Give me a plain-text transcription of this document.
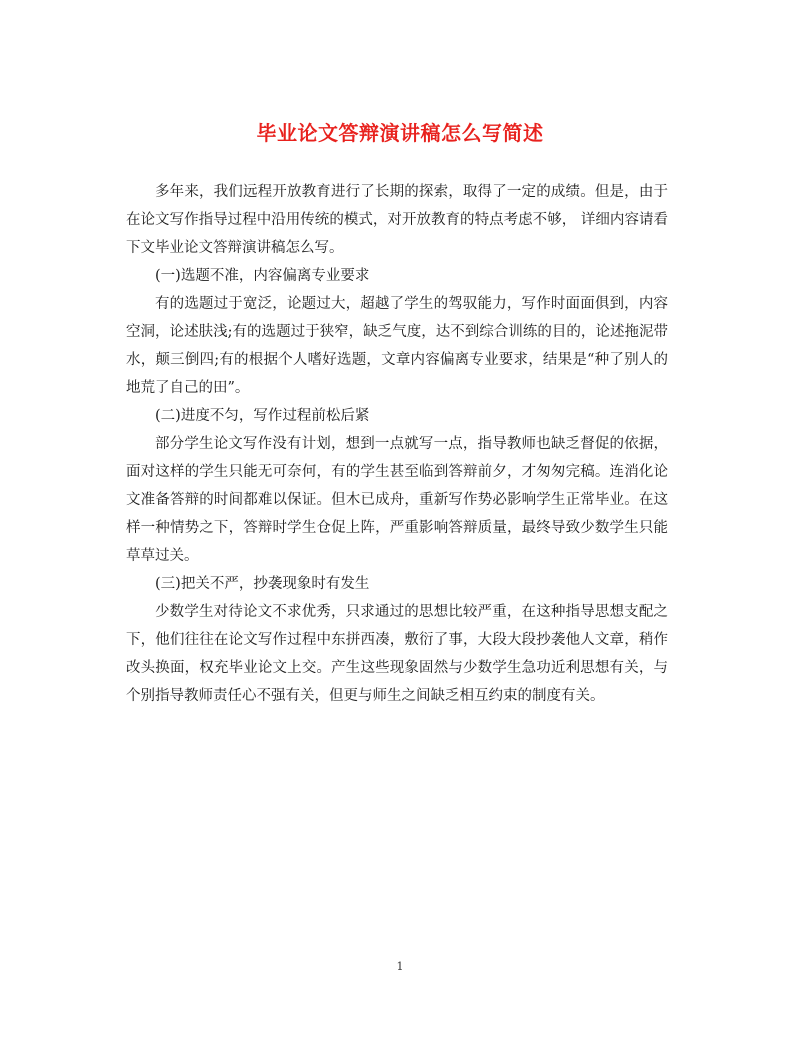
毕业论文答辩演讲稿怎么写简述

多年来，我们远程开放教育进行了长期的探索，取得了一定的成绩。但是，由于在论文写作指导过程中沿用传统的模式，对开放教育的特点考虑不够， 详细内容请看下文毕业论文答辩演讲稿怎么写。

(一)选题不准，内容偏离专业要求

有的选题过于宽泛，论题过大，超越了学生的驾驭能力，写作时面面俱到，内容空洞，论述肤浅;有的选题过于狭窄，缺乏气度，达不到综合训练的目的，论述拖泥带水，颠三倒四;有的根据个人嗜好选题，文章内容偏离专业要求，结果是“种了别人的地荒了自己的田”。

(二)进度不匀，写作过程前松后紧

部分学生论文写作没有计划，想到一点就写一点，指导教师也缺乏督促的依据，面对这样的学生只能无可奈何，有的学生甚至临到答辩前夕，才匆匆完稿。连消化论文准备答辩的时间都难以保证。但木已成舟，重新写作势必影响学生正常毕业。在这样一种情势之下，答辩时学生仓促上阵，严重影响答辩质量，最终导致少数学生只能草草过关。

(三)把关不严，抄袭现象时有发生

少数学生对待论文不求优秀，只求通过的思想比较严重，在这种指导思想支配之下，他们往往在论文写作过程中东拼西凑，敷衍了事，大段大段抄袭他人文章，稍作改头换面，权充毕业论文上交。产生这些现象固然与少数学生急功近利思想有关，与个别指导教师责任心不强有关，但更与师生之间缺乏相互约束的制度有关。

1
